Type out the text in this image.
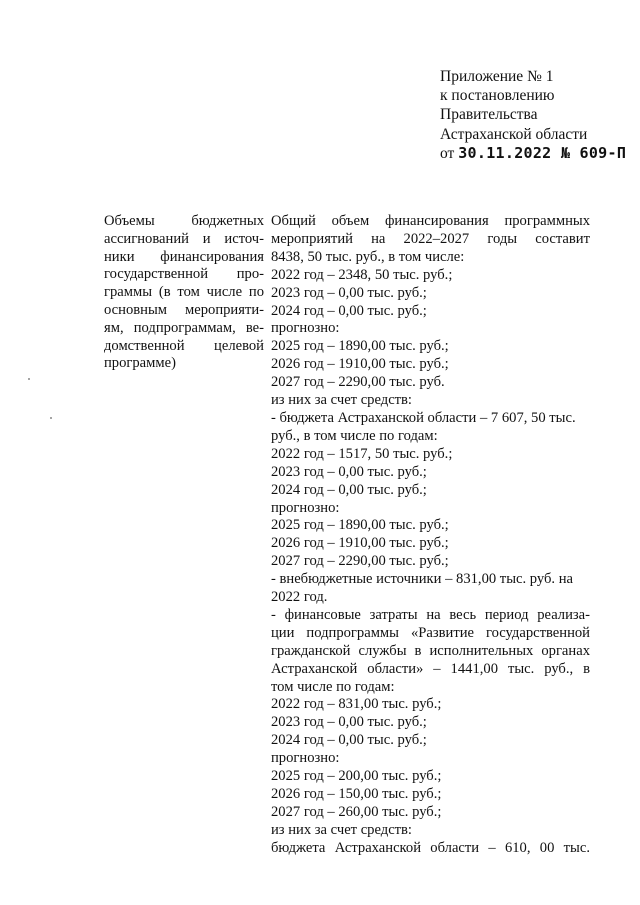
Приложение № 1
к постановлению
Правительства
Астраханской области
от 30.11.2022 № 609-П
Объемы бюджетных
ассигнований и источ-
ники финансирования
государственной про-
граммы (в том числе по
основным мероприяти-
ям, подпрограммам, ве-
домственной целевой
программе)
Общий объем финансирования программных
мероприятий на 2022–2027 годы составит
8438, 50 тыс. руб., в том числе:
2022 год – 2348, 50 тыс. руб.;
2023 год – 0,00 тыс. руб.;
2024 год – 0,00 тыс. руб.;
прогнозно:
2025 год – 1890,00 тыс. руб.;
2026 год – 1910,00 тыс. руб.;
2027 год – 2290,00 тыс. руб.
из них за счет средств:
- бюджета Астраханской области – 7 607, 50 тыс.
руб., в том числе по годам:
2022 год – 1517, 50 тыс. руб.;
2023 год – 0,00 тыс. руб.;
2024 год – 0,00 тыс. руб.;
прогнозно:
2025 год – 1890,00 тыс. руб.;
2026 год – 1910,00 тыс. руб.;
2027 год – 2290,00 тыс. руб.;
- внебюджетные источники – 831,00 тыс. руб. на
2022 год.
- финансовые затраты на весь период реализа-
ции подпрограммы «Развитие государственной
гражданской службы в исполнительных органах
Астраханской области» – 1441,00 тыс. руб., в
том числе по годам:
2022 год – 831,00 тыс. руб.;
2023 год – 0,00 тыс. руб.;
2024 год – 0,00 тыс. руб.;
прогнозно:
2025 год – 200,00 тыс. руб.;
2026 год – 150,00 тыс. руб.;
2027 год – 260,00 тыс. руб.;
из них за счет средств:
бюджета Астраханской области – 610, 00 тыс.
